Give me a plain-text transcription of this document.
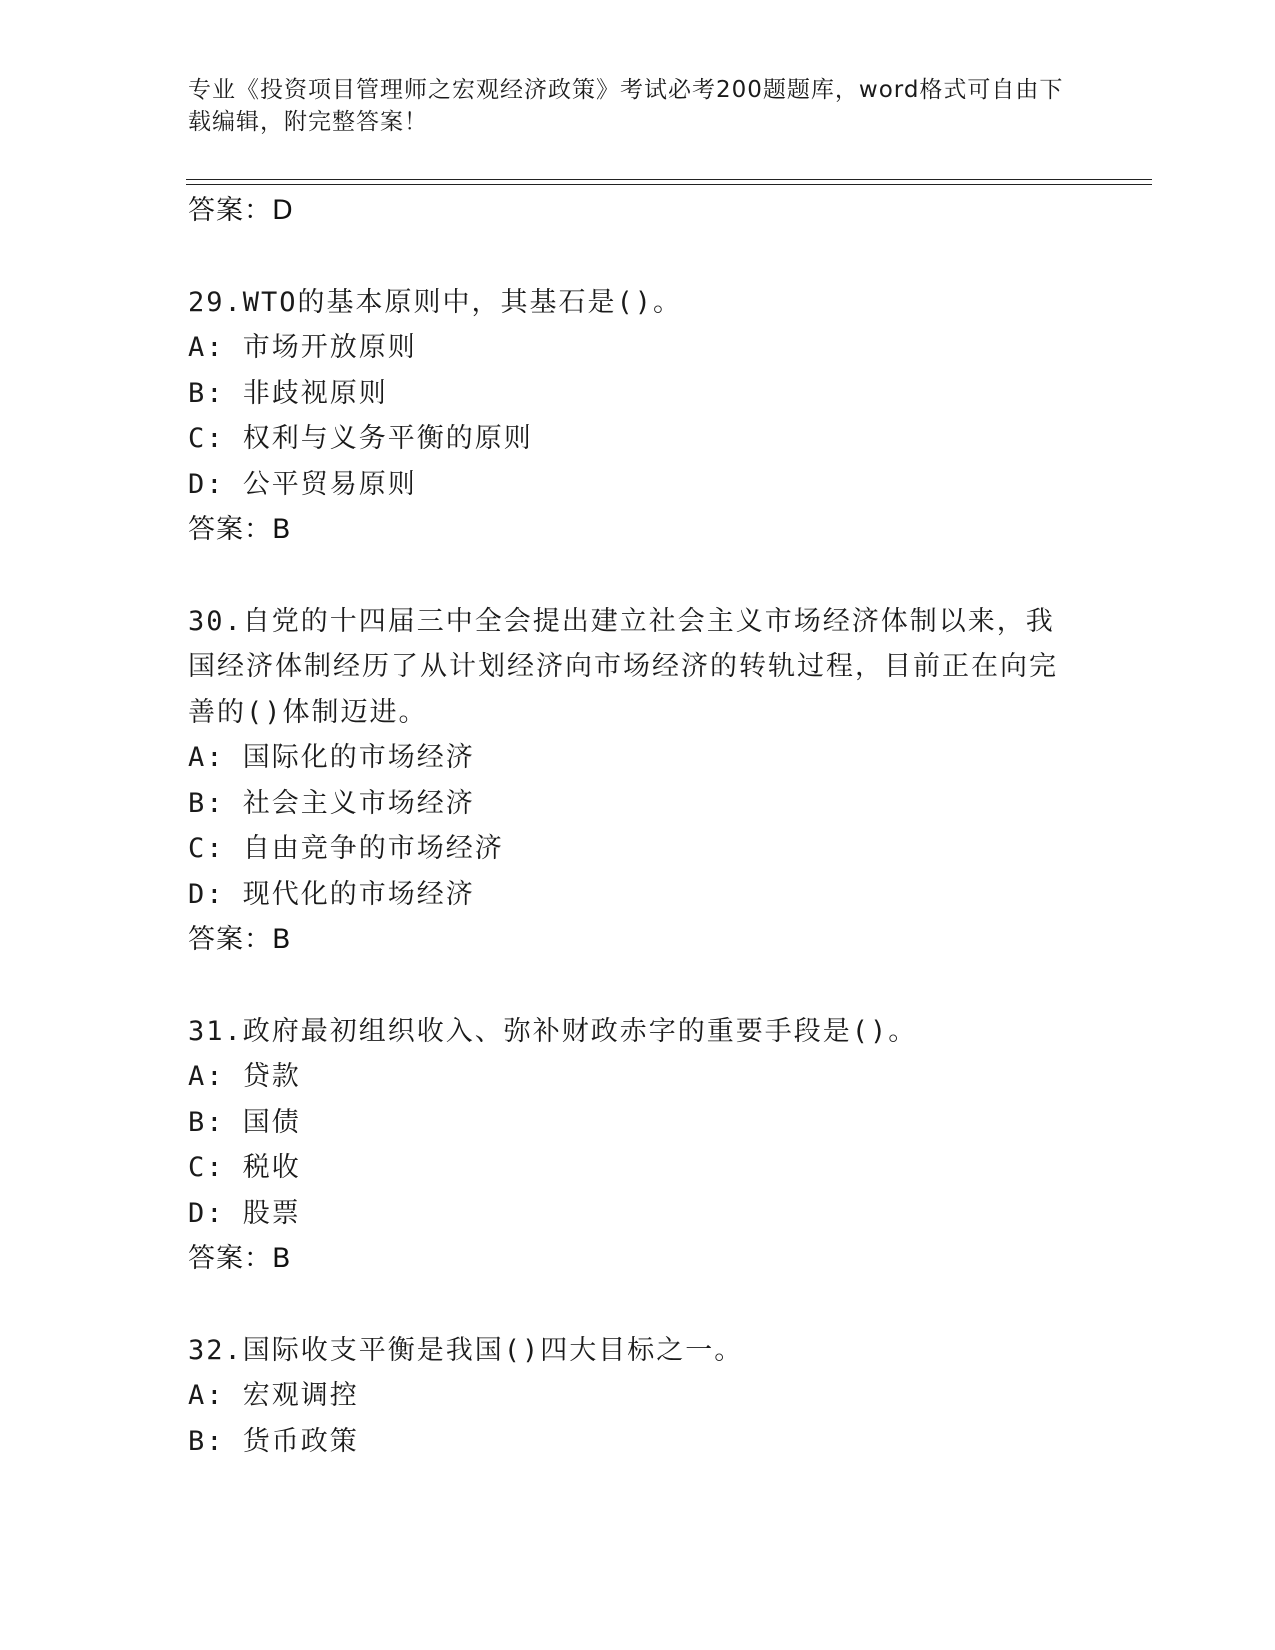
专业《投资项目管理师之宏观经济政策》考试必考200题题库，word格式可自由下载编辑，附完整答案！
答案：D
29.WTO的基本原则中，其基石是()。
A: 市场开放原则
B: 非歧视原则
C: 权利与义务平衡的原则
D: 公平贸易原则
答案：B
30.自党的十四届三中全会提出建立社会主义市场经济体制以来，我国经济体制经历了从计划经济向市场经济的转轨过程，目前正在向完善的()体制迈进。
A: 国际化的市场经济
B: 社会主义市场经济
C: 自由竞争的市场经济
D: 现代化的市场经济
答案：B
31.政府最初组织收入、弥补财政赤字的重要手段是()。
A: 贷款
B: 国债
C: 税收
D: 股票
答案：B
32.国际收支平衡是我国()四大目标之一。
A: 宏观调控
B: 货币政策
